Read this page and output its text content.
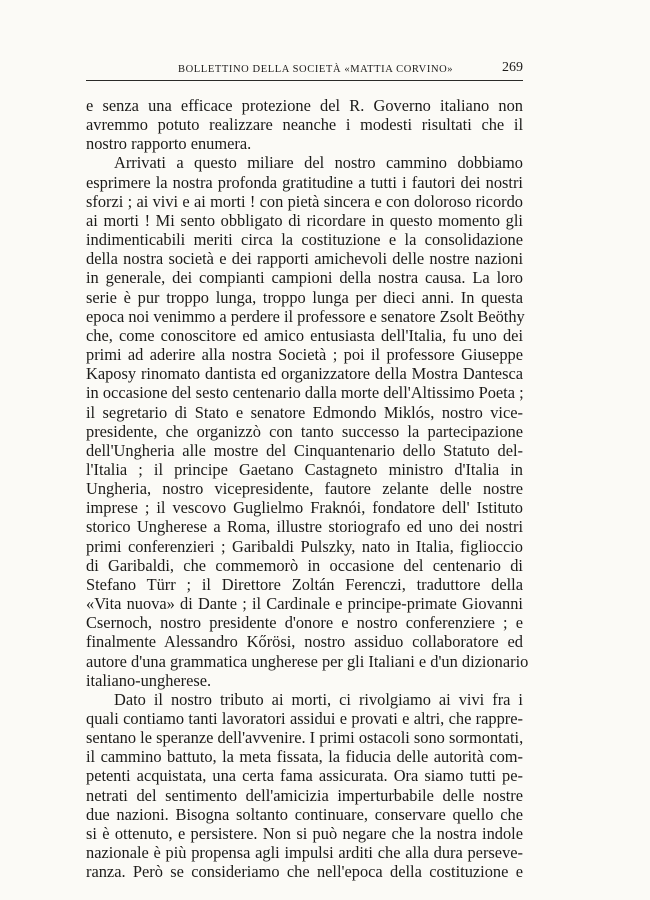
BOLLETTINO DELLA SOCIETÀ «MATTIA CORVINO»	269
e senza una efficace protezione del R. Governo italiano non
avremmo potuto realizzare neanche i modesti risultati che il
nostro rapporto enumera.
Arrivati a questo miliare del nostro cammino dobbiamo
esprimere la nostra profonda gratitudine a tutti i fautori dei nostri
sforzi ; ai vivi e ai morti ! con pietà sincera e con doloroso ricordo
ai morti ! Mi sento obbligato di ricordare in questo momento gli
indimenticabili meriti circa la costituzione e la consolidazione
della nostra società e dei rapporti amichevoli delle nostre nazioni
in generale, dei compianti campioni della nostra causa. La loro
serie è pur troppo lunga, troppo lunga per dieci anni. In questa
epoca noi venimmo a perdere il professore e senatore Zsolt Beöthy
che, come conoscitore ed amico entusiasta dell'Italia, fu uno dei
primi ad aderire alla nostra Società ; poi il professore Giuseppe
Kaposy rinomato dantista ed organizzatore della Mostra Dantesca
in occasione del sesto centenario dalla morte dell'Altissimo Poeta ;
il segretario di Stato e senatore Edmondo Miklós, nostro vice-
presidente, che organizzò con tanto successo la partecipazione
dell'Ungheria alle mostre del Cinquantenario dello Statuto del-
l'Italia ; il principe Gaetano Castagneto ministro d'Italia in
Ungheria, nostro vicepresidente, fautore zelante delle nostre
imprese ; il vescovo Guglielmo Fraknói, fondatore dell' Istituto
storico Ungherese a Roma, illustre storiografo ed uno dei nostri
primi conferenzieri ; Garibaldi Pulszky, nato in Italia, figlioccio
di Garibaldi, che commemorò in occasione del centenario di
Stefano Türr ; il Direttore Zoltán Ferenczi, traduttore della
«Vita nuova» di Dante ; il Cardinale e principe-primate Giovanni
Csernoch, nostro presidente d'onore e nostro conferenziere ; e
finalmente Alessandro Kőrösi, nostro assiduo collaboratore ed
autore d'una grammatica ungherese per gli Italiani e d'un dizionario
italiano-ungherese.
Dato il nostro tributo ai morti, ci rivolgiamo ai vivi fra i
quali contiamo tanti lavoratori assidui e provati e altri, che rappre-
sentano le speranze dell'avvenire. I primi ostacoli sono sormontati,
il cammino battuto, la meta fissata, la fiducia delle autorità com-
petenti acquistata, una certa fama assicurata. Ora siamo tutti pe-
netrati del sentimento dell'amicizia imperturbabile delle nostre
due nazioni. Bisogna soltanto continuare, conservare quello che
si è ottenuto, e persistere. Non si può negare che la nostra indole
nazionale è più propensa agli impulsi arditi che alla dura perseve-
ranza. Però se consideriamo che nell'epoca della costituzione e
